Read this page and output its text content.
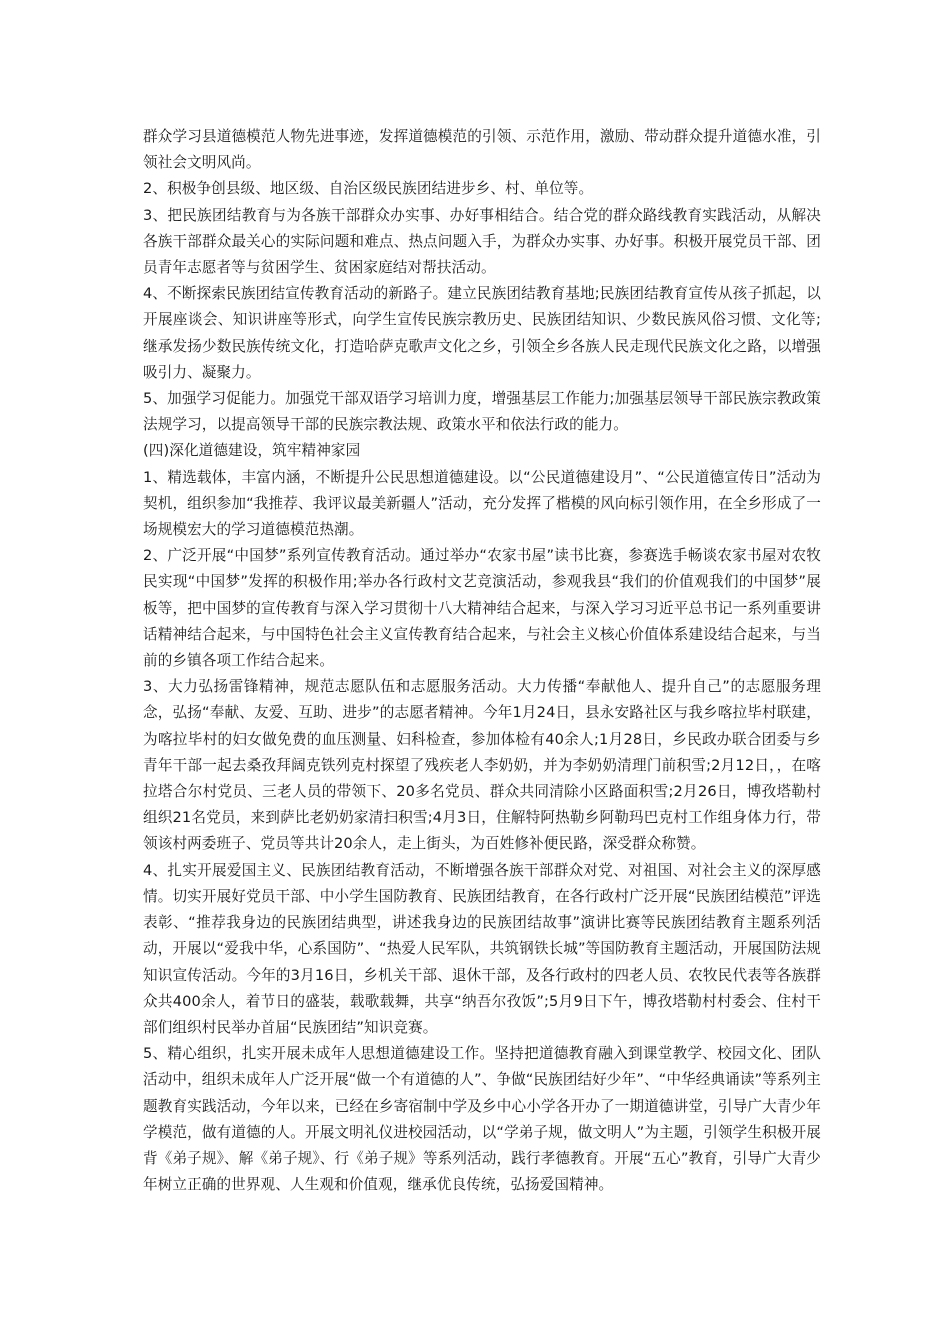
群众学习县道德模范人物先进事迹，发挥道德模范的引领、示范作用，激励、带动群众提升道德水准，引领社会文明风尚。

2、积极争创县级、地区级、自治区级民族团结进步乡、村、单位等。

3、把民族团结教育与为各族干部群众办实事、办好事相结合。结合党的群众路线教育实践活动，从解决各族干部群众最关心的实际问题和难点、热点问题入手，为群众办实事、办好事。积极开展党员干部、团员青年志愿者等与贫困学生、贫困家庭结对帮扶活动。

4、不断探索民族团结宣传教育活动的新路子。建立民族团结教育基地;民族团结教育宣传从孩子抓起，以开展座谈会、知识讲座等形式，向学生宣传民族宗教历史、民族团结知识、少数民族风俗习惯、文化等;继承发扬少数民族传统文化，打造哈萨克歌声文化之乡，引领全乡各族人民走现代民族文化之路，以增强吸引力、凝聚力。

5、加强学习促能力。加强党干部双语学习培训力度，增强基层工作能力;加强基层领导干部民族宗教政策法规学习，以提高领导干部的民族宗教法规、政策水平和依法行政的能力。

(四)深化道德建设，筑牢精神家园

1、精选载体，丰富内涵，不断提升公民思想道德建设。以“公民道德建设月”、“公民道德宣传日”活动为契机，组织参加“我推荐、我评议最美新疆人”活动，充分发挥了楷模的风向标引领作用，在全乡形成了一场规模宏大的学习道德模范热潮。

2、广泛开展“中国梦”系列宣传教育活动。通过举办“农家书屋”读书比赛，参赛选手畅谈农家书屋对农牧民实现“中国梦”发挥的积极作用;举办各行政村文艺竞演活动，参观我县“我们的价值观我们的中国梦”展板等，把中国梦的宣传教育与深入学习贯彻十八大精神结合起来，与深入学习习近平总书记一系列重要讲话精神结合起来，与中国特色社会主义宣传教育结合起来，与社会主义核心价值体系建设结合起来，与当前的乡镇各项工作结合起来。

3、大力弘扬雷锋精神，规范志愿队伍和志愿服务活动。大力传播“奉献他人、提升自己”的志愿服务理念，弘扬“奉献、友爱、互助、进步”的志愿者精神。今年1月24日，县永安路社区与我乡喀拉毕村联建，为喀拉毕村的妇女做免费的血压测量、妇科检查，参加体检有40余人;1月28日，乡民政办联合团委与乡青年干部一起去桑孜拜阔克铁列克村探望了残疾老人李奶奶，并为李奶奶清理门前积雪;2月12日，，在喀拉塔合尔村党员、三老人员的带领下、20多名党员、群众共同清除小区路面积雪;2月26日，博孜塔勒村组织21名党员，来到萨比老奶奶家清扫积雪;4月3日，住解特阿热勒乡阿勒玛巴克村工作组身体力行，带领该村两委班子、党员等共计20余人，走上街头，为百姓修补便民路，深受群众称赞。

4、扎实开展爱国主义、民族团结教育活动，不断增强各族干部群众对党、对祖国、对社会主义的深厚感情。切实开展好党员干部、中小学生国防教育、民族团结教育，在各行政村广泛开展“民族团结模范”评选表彰、“推荐我身边的民族团结典型，讲述我身边的民族团结故事”演讲比赛等民族团结教育主题系列活动，开展以“爱我中华，心系国防”、“热爱人民军队，共筑钢铁长城”等国防教育主题活动，开展国防法规知识宣传活动。今年的3月16日，乡机关干部、退休干部，及各行政村的四老人员、农牧民代表等各族群众共400余人，着节日的盛装，载歌载舞，共享“纳吾尔孜饭”;5月9日下午，博孜塔勒村村委会、住村干部们组织村民举办首届“民族团结”知识竞赛。

5、精心组织，扎实开展未成年人思想道德建设工作。坚持把道德教育融入到课堂教学、校园文化、团队活动中，组织未成年人广泛开展“做一个有道德的人”、争做“民族团结好少年”、“中华经典诵读”等系列主题教育实践活动，今年以来，已经在乡寄宿制中学及乡中心小学各开办了一期道德讲堂，引导广大青少年学模范，做有道德的人。开展文明礼仪进校园活动，以“学弟子规，做文明人”为主题，引领学生积极开展背《弟子规》、解《弟子规》、行《弟子规》等系列活动，践行孝德教育。开展“五心”教育，引导广大青少年树立正确的世界观、人生观和价值观，继承优良传统，弘扬爱国精神。
